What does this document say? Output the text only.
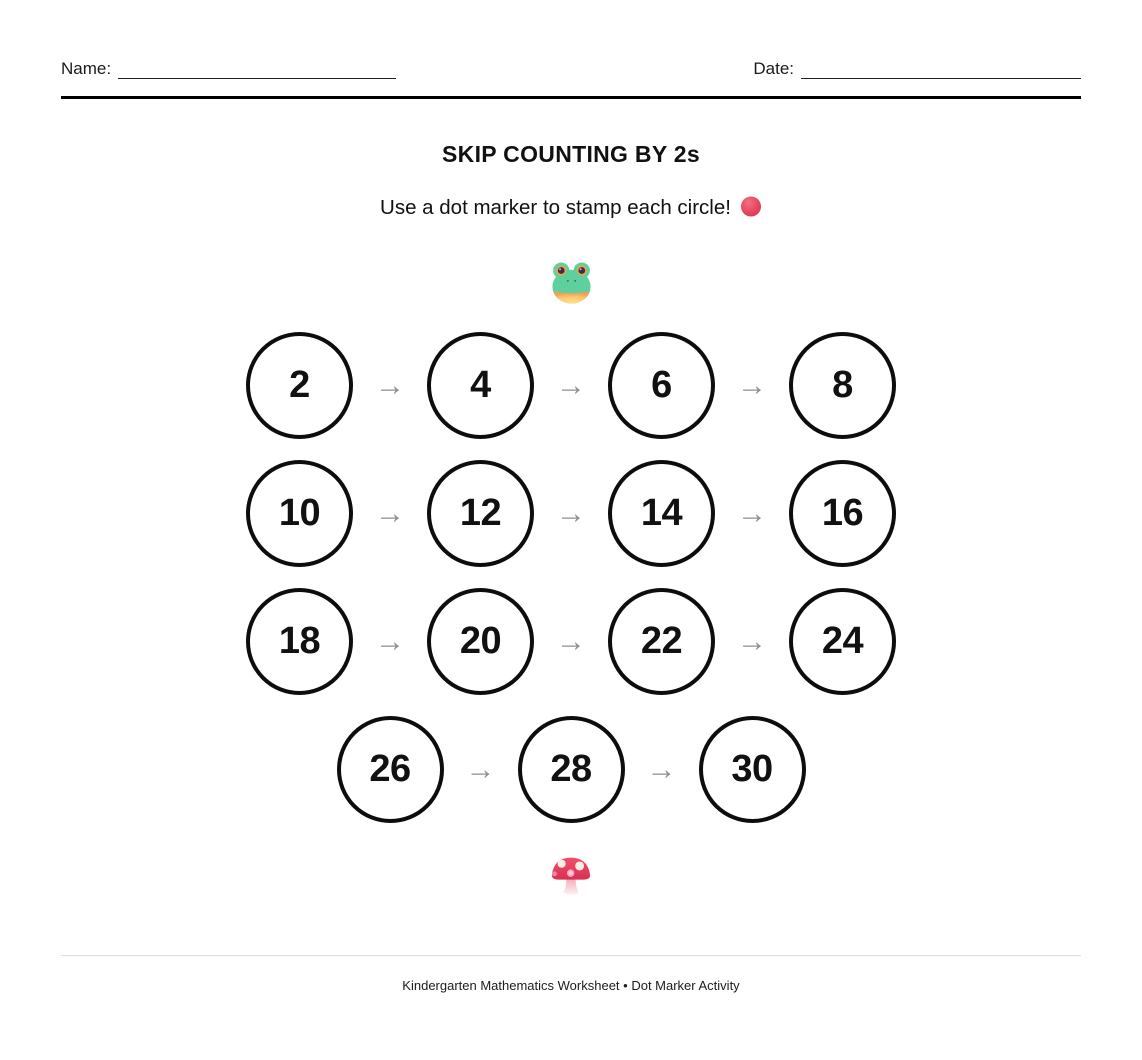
Name:	Date:
SKIP COUNTING BY 2s
Use a dot marker to stamp each circle!
2 → 4 → 6 → 8
10 → 12 → 14 → 16
18 → 20 → 22 → 24
26 → 28 → 30
Kindergarten Mathematics Worksheet • Dot Marker Activity
